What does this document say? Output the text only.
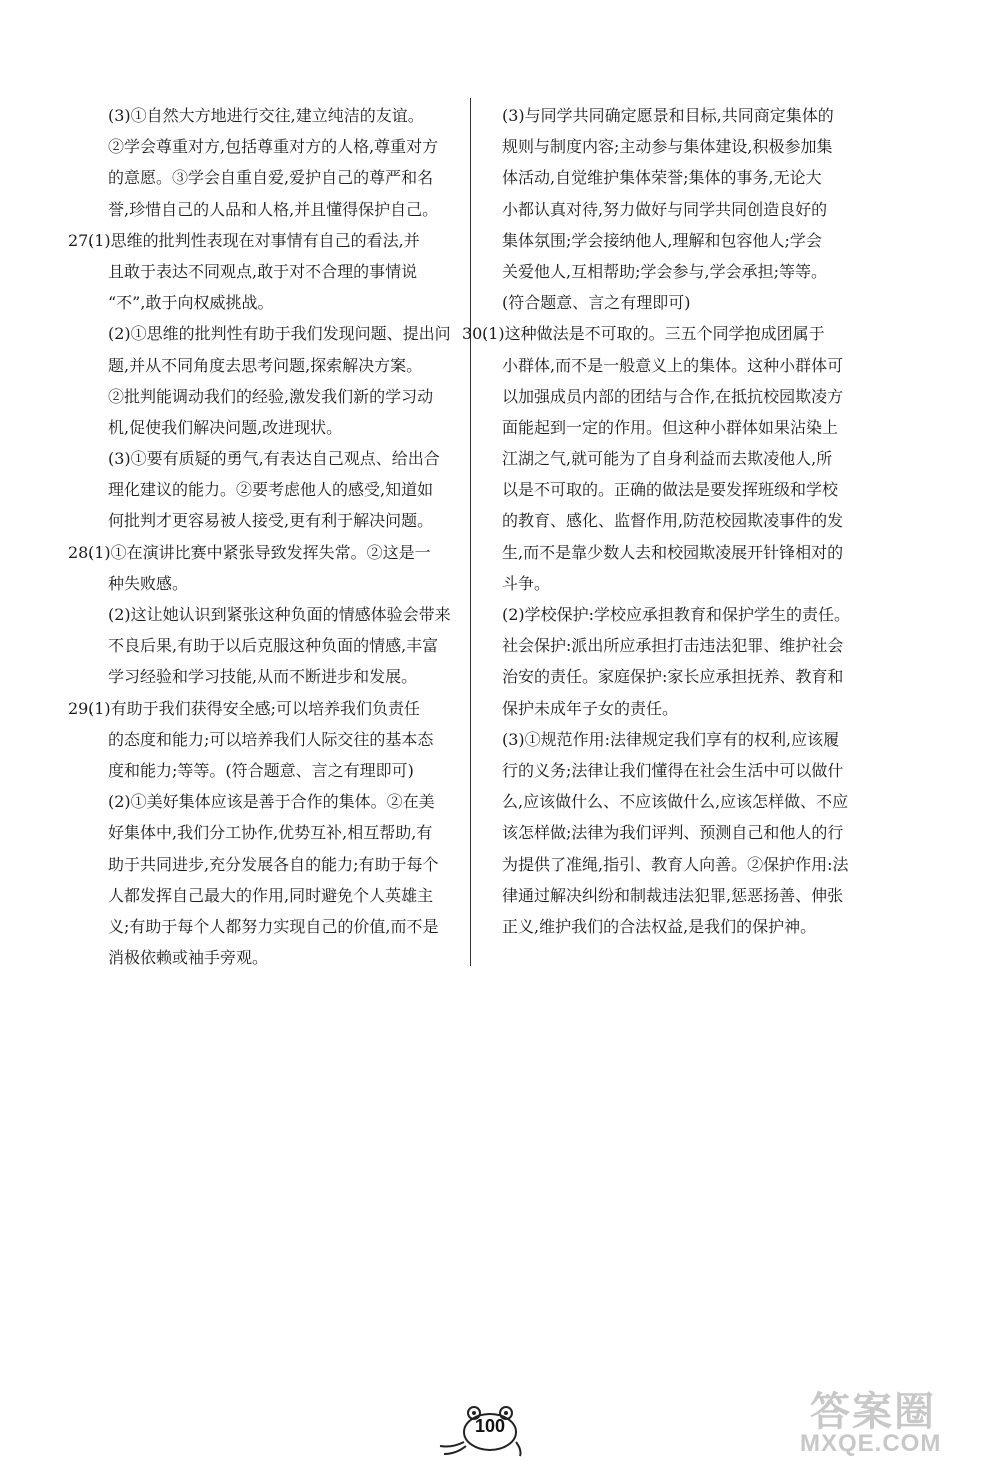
(3)①自然大方地进行交往,建立纯洁的友谊。
②学会尊重对方,包括尊重对方的人格,尊重对方
的意愿。③学会自重自爱,爱护自己的尊严和名
誉,珍惜自己的人品和人格,并且懂得保护自己。
27.
(1)思维的批判性表现在对事情有自己的看法,并
且敢于表达不同观点,敢于对不合理的事情说
“不”,敢于向权威挑战。
(2)①思维的批判性有助于我们发现问题、提出问
题,并从不同角度去思考问题,探索解决方案。
②批判能调动我们的经验,激发我们新的学习动
机,促使我们解决问题,改进现状。
(3)①要有质疑的勇气,有表达自己观点、给出合
理化建议的能力。②要考虑他人的感受,知道如
何批判才更容易被人接受,更有利于解决问题。
28.
(1)①在演讲比赛中紧张导致发挥失常。②这是一
种失败感。
(2)这让她认识到紧张这种负面的情感体验会带来
不良后果,有助于以后克服这种负面的情感,丰富
学习经验和学习技能,从而不断进步和发展。
29.
(1)有助于我们获得安全感;可以培养我们负责任
的态度和能力;可以培养我们人际交往的基本态
度和能力;等等。(符合题意、言之有理即可)
(2)①美好集体应该是善于合作的集体。②在美
好集体中,我们分工协作,优势互补,相互帮助,有
助于共同进步,充分发展各自的能力;有助于每个
人都发挥自己最大的作用,同时避免个人英雄主
义;有助于每个人都努力实现自己的价值,而不是
消极依赖或袖手旁观。
(3)与同学共同确定愿景和目标,共同商定集体的
规则与制度内容;主动参与集体建设,积极参加集
体活动,自觉维护集体荣誉;集体的事务,无论大
小都认真对待,努力做好与同学共同创造良好的
集体氛围;学会接纳他人,理解和包容他人;学会
关爱他人,互相帮助;学会参与,学会承担;等等。
(符合题意、言之有理即可)
30.
(1)这种做法是不可取的。三五个同学抱成团属于
小群体,而不是一般意义上的集体。这种小群体可
以加强成员内部的团结与合作,在抵抗校园欺凌方
面能起到一定的作用。但这种小群体如果沾染上
江湖之气,就可能为了自身利益而去欺凌他人,所
以是不可取的。正确的做法是要发挥班级和学校
的教育、感化、监督作用,防范校园欺凌事件的发
生,而不是靠少数人去和校园欺凌展开针锋相对的
斗争。
(2)学校保护:学校应承担教育和保护学生的责任。
社会保护:派出所应承担打击违法犯罪、维护社会
治安的责任。家庭保护:家长应承担抚养、教育和
保护未成年子女的责任。
(3)①规范作用:法律规定我们享有的权利,应该履
行的义务;法律让我们懂得在社会生活中可以做什
么,应该做什么、不应该做什么,应该怎样做、不应
该怎样做;法律为我们评判、预测自己和他人的行
为提供了准绳,指引、教育人向善。②保护作用:法
律通过解决纠纷和制裁违法犯罪,惩恶扬善、伸张
正义,维护我们的合法权益,是我们的保护神。
100	答案圈
MXQE.COM
